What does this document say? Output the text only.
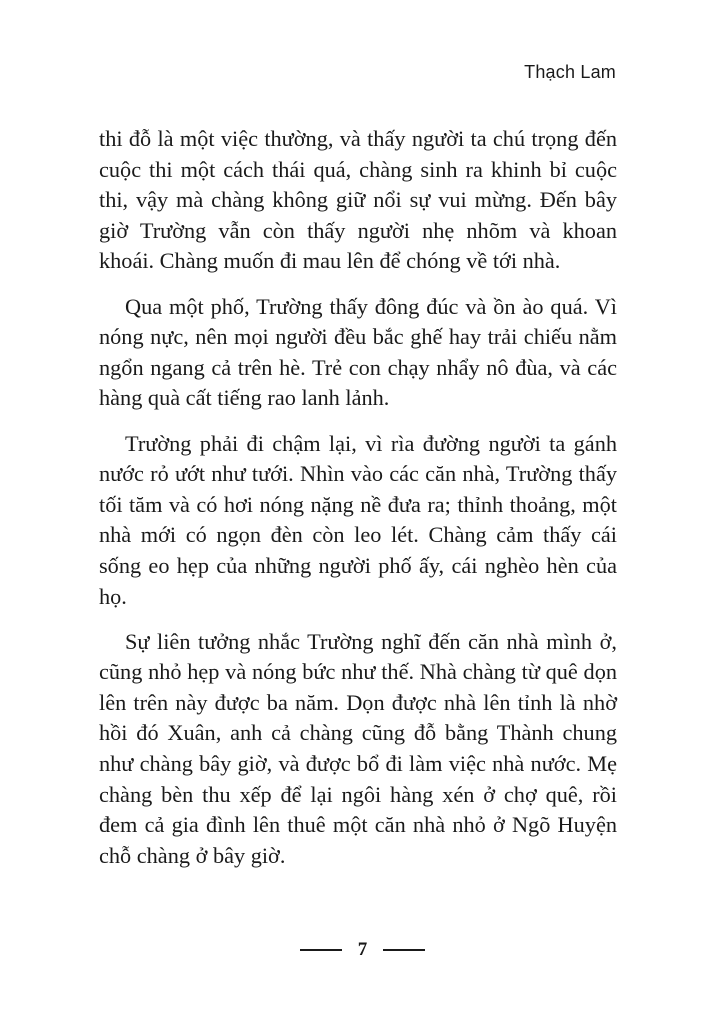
Thạch Lam

thi đỗ là một việc thường, và thấy người ta chú trọng đến cuộc thi một cách thái quá, chàng sinh ra khinh bỉ cuộc thi, vậy mà chàng không giữ nổi sự vui mừng. Đến bây giờ Trường vẫn còn thấy người nhẹ nhõm và khoan khoái. Chàng muốn đi mau lên để chóng về tới nhà.

Qua một phố, Trường thấy đông đúc và ồn ào quá. Vì nóng nực, nên mọi người đều bắc ghế hay trải chiếu nằm ngổn ngang cả trên hè. Trẻ con chạy nhẩy nô đùa, và các hàng quà cất tiếng rao lanh lảnh.

Trường phải đi chậm lại, vì rìa đường người ta gánh nước rỏ ướt như tưới. Nhìn vào các căn nhà, Trường thấy tối tăm và có hơi nóng nặng nề đưa ra; thỉnh thoảng, một nhà mới có ngọn đèn còn leo lét. Chàng cảm thấy cái sống eo hẹp của những người phố ấy, cái nghèo hèn của họ.

Sự liên tưởng nhắc Trường nghĩ đến căn nhà mình ở, cũng nhỏ hẹp và nóng bức như thế. Nhà chàng từ quê dọn lên trên này được ba năm. Dọn được nhà lên tỉnh là nhờ hồi đó Xuân, anh cả chàng cũng đỗ bằng Thành chung như chàng bây giờ, và được bổ đi làm việc nhà nước. Mẹ chàng bèn thu xếp để lại ngôi hàng xén ở chợ quê, rồi đem cả gia đình lên thuê một căn nhà nhỏ ở Ngõ Huyện chỗ chàng ở bây giờ.

7
